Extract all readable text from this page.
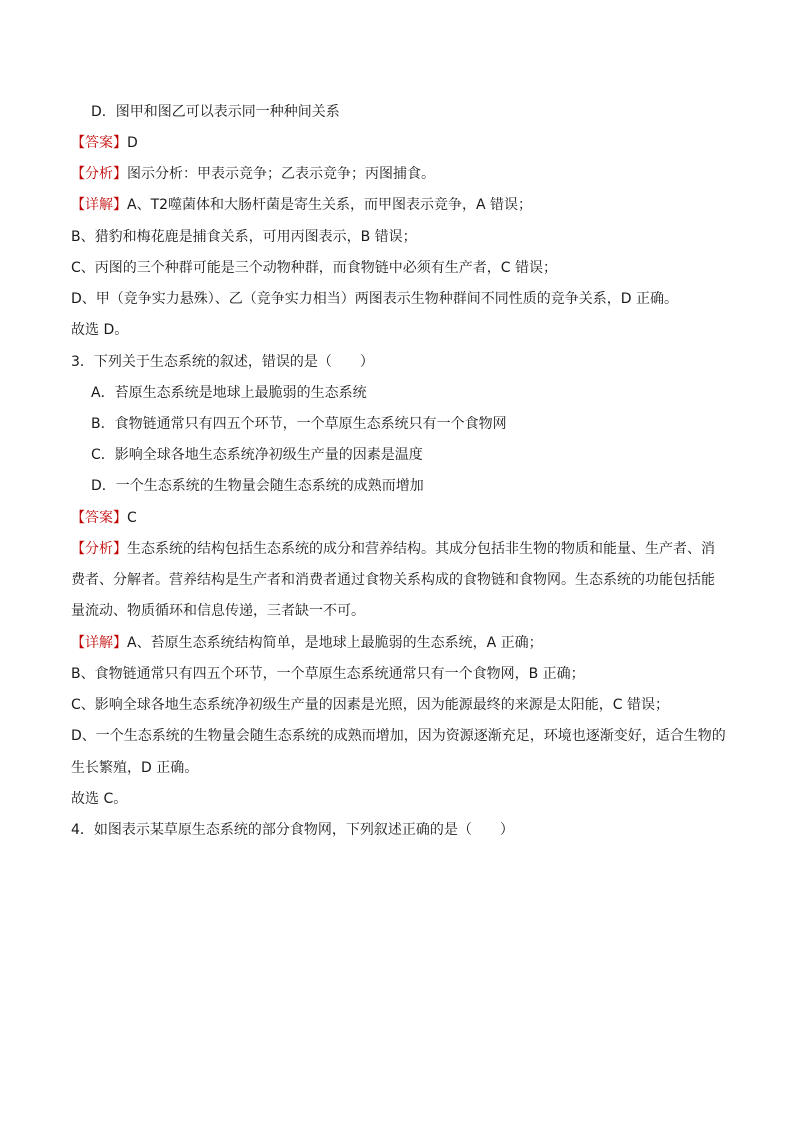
D．图甲和图乙可以表示同一种种间关系
【答案】D
【分析】图示分析：甲表示竞争；乙表示竞争；丙图捕食。
【详解】A、T2噬菌体和大肠杆菌是寄生关系，而甲图表示竞争，A 错误；
B、猎豹和梅花鹿是捕食关系，可用丙图表示，B 错误；
C、丙图的三个种群可能是三个动物种群，而食物链中必须有生产者，C 错误；
D、甲（竞争实力悬殊）、乙（竞争实力相当）两图表示生物种群间不同性质的竞争关系，D 正确。
故选 D。
3．下列关于生态系统的叙述，错误的是（　　）
A．苔原生态系统是地球上最脆弱的生态系统
B．食物链通常只有四五个环节，一个草原生态系统只有一个食物网
C．影响全球各地生态系统净初级生产量的因素是温度
D．一个生态系统的生物量会随生态系统的成熟而增加
【答案】C
【分析】生态系统的结构包括生态系统的成分和营养结构。其成分包括非生物的物质和能量、生产者、消
费者、分解者。营养结构是生产者和消费者通过食物关系构成的食物链和食物网。生态系统的功能包括能
量流动、物质循环和信息传递，三者缺一不可。
【详解】A、苔原生态系统结构简单，是地球上最脆弱的生态系统，A 正确；
B、食物链通常只有四五个环节，一个草原生态系统通常只有一个食物网，B 正确；
C、影响全球各地生态系统净初级生产量的因素是光照，因为能源最终的来源是太阳能，C 错误；
D、一个生态系统的生物量会随生态系统的成熟而增加，因为资源逐渐充足，环境也逐渐变好，适合生物的
生长繁殖，D 正确。
故选 C。
4．如图表示某草原生态系统的部分食物网，下列叙述正确的是（　　）
